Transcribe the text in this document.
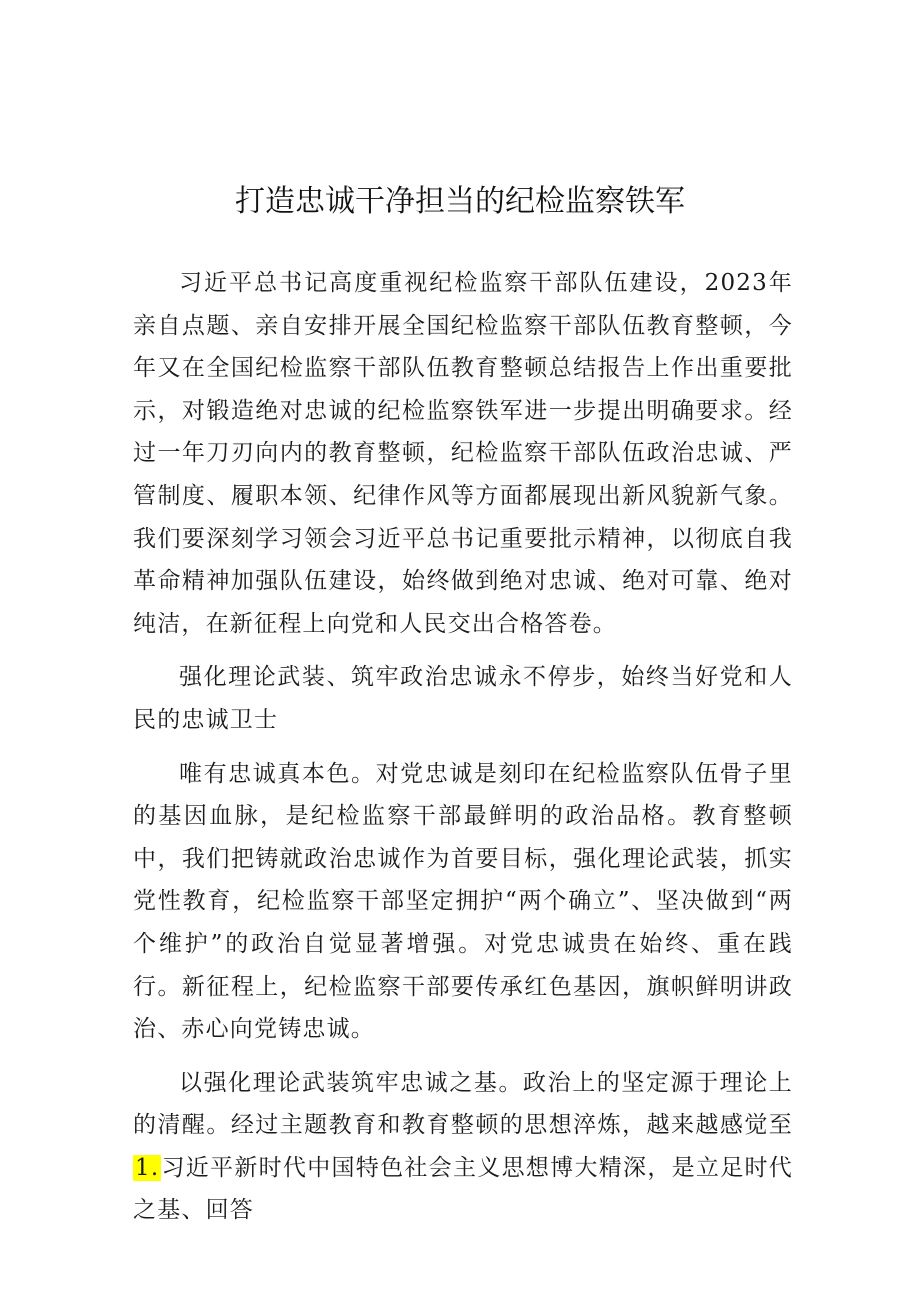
打造忠诚干净担当的纪检监察铁军

习近平总书记高度重视纪检监察干部队伍建设，2023年亲自点题、亲自安排开展全国纪检监察干部队伍教育整顿，今年又在全国纪检监察干部队伍教育整顿总结报告上作出重要批示，对锻造绝对忠诚的纪检监察铁军进一步提出明确要求。经过一年刀刃向内的教育整顿，纪检监察干部队伍政治忠诚、严管制度、履职本领、纪律作风等方面都展现出新风貌新气象。我们要深刻学习领会习近平总书记重要批示精神，以彻底自我革命精神加强队伍建设，始终做到绝对忠诚、绝对可靠、绝对纯洁，在新征程上向党和人民交出合格答卷。

强化理论武装、筑牢政治忠诚永不停步，始终当好党和人民的忠诚卫士

唯有忠诚真本色。对党忠诚是刻印在纪检监察队伍骨子里的基因血脉，是纪检监察干部最鲜明的政治品格。教育整顿中，我们把铸就政治忠诚作为首要目标，强化理论武装，抓实党性教育，纪检监察干部坚定拥护“两个确立”、坚决做到“两个维护”的政治自觉显著增强。对党忠诚贵在始终、重在践行。新征程上，纪检监察干部要传承红色基因，旗帜鲜明讲政治、赤心向党铸忠诚。

以强化理论武装筑牢忠诚之基。政治上的坚定源于理论上的清醒。经过主题教育和教育整顿的思想淬炼，越来越感觉至1.习近平新时代中国特色社会主义思想博大精深，是立足时代之基、回答
